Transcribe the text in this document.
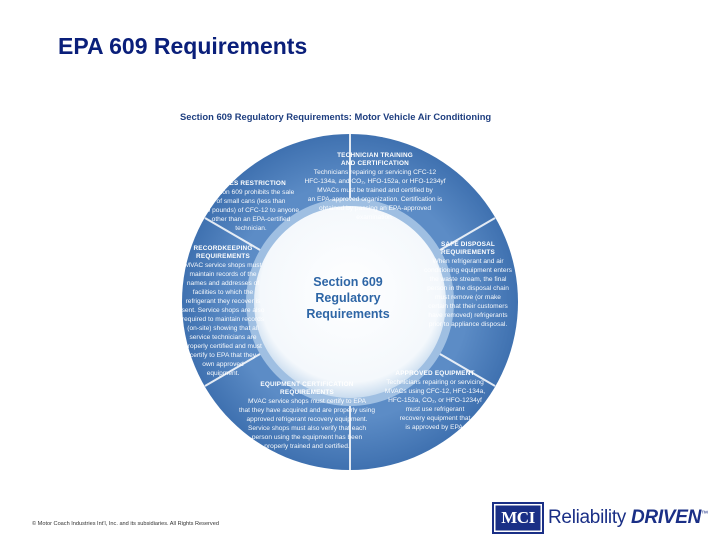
EPA 609 Requirements
Section 609 Regulatory Requirements: Motor Vehicle Air Conditioning
TECHNICIAN TRAINING
AND CERTIFICATION
Technicians repairing or servicing CFC-12
HFC-134a, and CO₂, HFO-152a, or HFO-1234yf
MVACs must be trained and certified by
an EPA-approved organization. Certification is
obtained by passing an EPA-approved
examination.
SALES RESTRICTION
Section 609 prohibits the sale
of small cans (less than
20 pounds) of CFC-12 to anyone
other than an EPA-certified
technician.
SAFE DISPOSAL
REQUIREMENTS
When refrigerant and air
conditioning equipment enters
the waste stream, the final
person in the disposal chain
must remove (or make
certain that their customers
have removed) refrigerants
prior to appliance disposal.
RECORDKEEPING
REQUIREMENTS
MVAC service shops must
maintain records of the
names and addresses of
facilities to which the
refrigerant they recover is
sent. Service shops are also
required to maintain records
(on-site) showing that all
service technicians are
properly certified and must
certify to EPA that they
own approved
equipment.	APPROVED EQUIPMENT
Technicians repairing or servicing
MVACs using CFC-12, HFC-134a,
HFC-152a, CO₂, or HFO-1234yf
must use refrigerant
recovery equipment that
is approved by EPA.
EQUIPMENT CERTIFICATION
REQUIREMENTS
MVAC service shops must certify to EPA
that they have acquired and are properly using
approved refrigerant recovery equipment.
Service shops must also verify that each
person using the equipment has been
properly trained and certified.
Section 609
Regulatory
Requirements
© Motor Coach Industries Int’l, Inc. and its subsidiaries. All Rights Reserved	MCI Reliability DRIVEN™
